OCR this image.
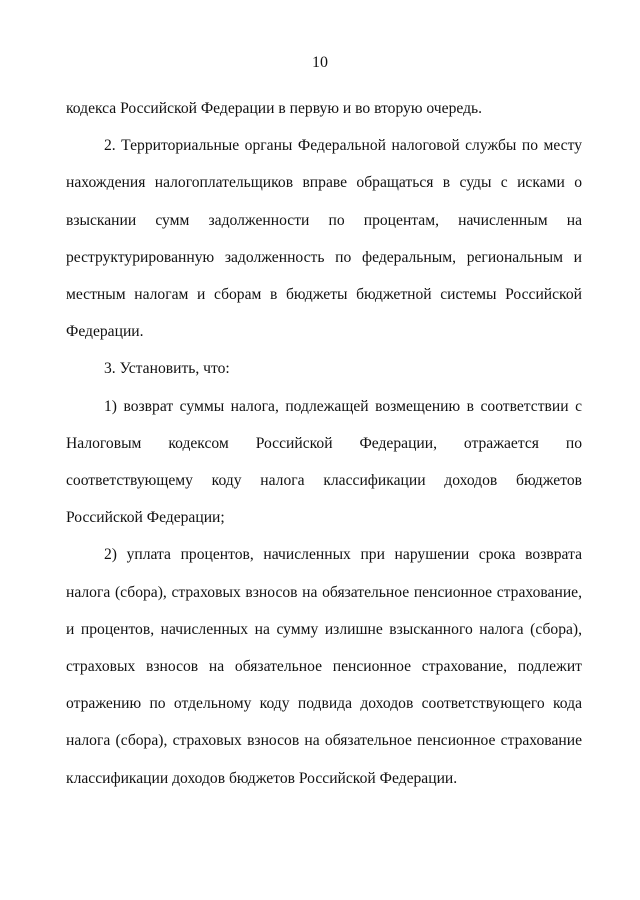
10

кодекса Российской Федерации в первую и во вторую очередь.

2. Территориальные органы Федеральной налоговой службы по месту нахождения налогоплательщиков вправе обращаться в суды с исками о взыскании сумм задолженности по процентам, начисленным на реструктурированную задолженность по федеральным, региональным и местным налогам и сборам в бюджеты бюджетной системы Российской Федерации.

3. Установить, что:

1) возврат суммы налога, подлежащей возмещению в соответствии с Налоговым кодексом Российской Федерации, отражается по соответствующему коду налога классификации доходов бюджетов Российской Федерации;

2) уплата процентов, начисленных при нарушении срока возврата налога (сбора), страховых взносов на обязательное пенсионное страхование, и процентов, начисленных на сумму излишне взысканного налога (сбора), страховых взносов на обязательное пенсионное страхование, подлежит отражению по отдельному коду подвида доходов соответствующего кода налога (сбора), страховых взносов на обязательное пенсионное страхование классификации доходов бюджетов Российской Федерации.
